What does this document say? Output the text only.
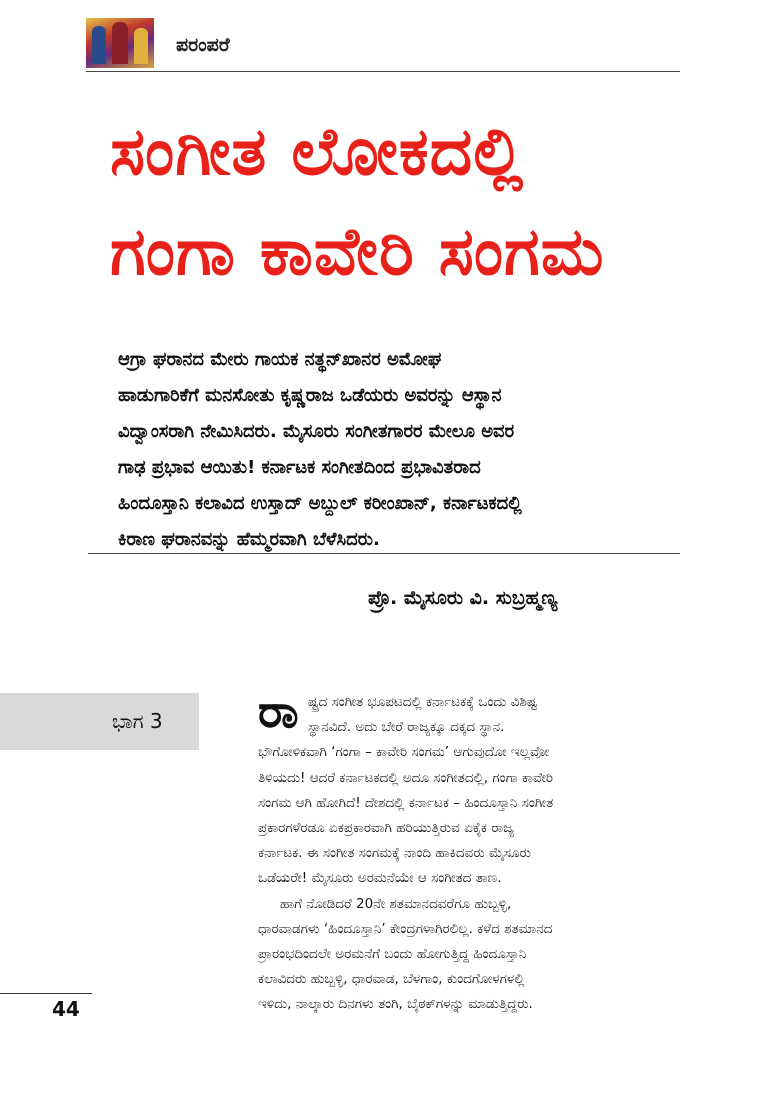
ಪರಂಪರೆ
ಸಂಗೀತ ಲೋಕದಲ್ಲಿ
ಗಂಗಾ ಕಾವೇರಿ ಸಂಗಮ
ಆಗ್ರಾ ಘರಾನದ ಮೇರು ಗಾಯಕ ನತ್ಥನ್‌ಖಾನರ ಅಮೋಘ
ಹಾಡುಗಾರಿಕೆಗೆ ಮನಸೋತು ಕೃಷ್ಣರಾಜ ಒಡೆಯರು ಅವರನ್ನು ಆಸ್ಥಾನ
ವಿದ್ವಾಂಸರಾಗಿ ನೇಮಿಸಿದರು. ಮೈಸೂರು ಸಂಗೀತಗಾರರ ಮೇಲೂ ಅವರ
ಗಾಢ ಪ್ರಭಾವ ಆಯಿತು! ಕರ್ನಾಟಕ ಸಂಗೀತದಿಂದ ಪ್ರಭಾವಿತರಾದ
ಹಿಂದೂಸ್ತಾನಿ ಕಲಾವಿದ ಉಸ್ತಾದ್ ಅಬ್ದುಲ್ ಕರೀಂಖಾನ್, ಕರ್ನಾಟಕದಲ್ಲಿ
ಕಿರಾಣ ಘರಾನವನ್ನು ಹೆಮ್ಮರವಾಗಿ ಬೆಳೆಸಿದರು.
ಪ್ರೊ. ಮೈಸೂರು ವಿ. ಸುಬ್ರಹ್ಮಣ್ಯ
ಭಾಗ 3 ರಾ ಷ್ಟ್ರದ ಸಂಗೀತ ಭೂಪಟದಲ್ಲಿ ಕರ್ನಾಟಕಕ್ಕೆ ಒಂದು ವಿಶಿಷ್ಟ
ಸ್ಥಾನವಿದೆ. ಅದು ಬೇರೆ ರಾಜ್ಯಕ್ಕೂ ದಕ್ಕದ ಸ್ಥಾನ.
ಭೌಗೋಳಿಕವಾಗಿ ‘ಗಂಗಾ – ಕಾವೇರಿ ಸಂಗಮ’ ಆಗುವುದೋ ಇಲ್ಲವೋ
ತಿಳಿಯದು! ಆದರೆ ಕರ್ನಾಟಕದಲ್ಲಿ ಅದೂ ಸಂಗೀತದಲ್ಲಿ, ಗಂಗಾ ಕಾವೇರಿ
ಸಂಗಮ ಆಗಿ ಹೋಗಿದೆ! ದೇಶದಲ್ಲಿ ಕರ್ನಾಟಕ – ಹಿಂದೂಸ್ತಾನಿ ಸಂಗೀತ
ಪ್ರಕಾರಗಳೆರಡೂ ಏಕಪ್ರಕಾರವಾಗಿ ಹರಿಯುತ್ತಿರುವ ಏಕೈಕ ರಾಜ್ಯ
ಕರ್ನಾಟಕ. ಈ ಸಂಗೀತ ಸಂಗಮಕ್ಕೆ ನಾಂದಿ ಹಾಕಿದವರು ಮೈಸೂರು
ಒಡೆಯರೇ! ಮೈಸೂರು ಅರಮನೆಯೇ ಆ ಸಂಗೀತದ ತಾಣ.
ಹಾಗೆ ನೋಡಿದರೆ 20ನೇ ಶತಮಾನದವರೆಗೂ ಹುಬ್ಬಳ್ಳಿ,
ಧಾರವಾಡಗಳು ‘ಹಿಂದೂಸ್ತಾನಿ’ ಕೇಂದ್ರಗಳಾಗಿರಲಿಲ್ಲ. ಕಳೆದ ಶತಮಾನದ
ಪ್ರಾರಂಭದಿಂದಲೇ ಅರಮನೆಗೆ ಬಂದು ಹೋಗುತ್ತಿದ್ದ ಹಿಂದೂಸ್ತಾನಿ
ಕಲಾವಿದರು ಹುಬ್ಬಳ್ಳಿ, ಧಾರವಾಡ, ಬೆಳಗಾಂ, ಕುಂದಗೋಳಗಳಲ್ಲಿ
ಇಳಿದು, ನಾಲ್ಕಾರು ದಿನಗಳು ತಂಗಿ, ಬೈಠಕ್‌ಗಳನ್ನು ಮಾಡುತ್ತಿದ್ದರು.
44
